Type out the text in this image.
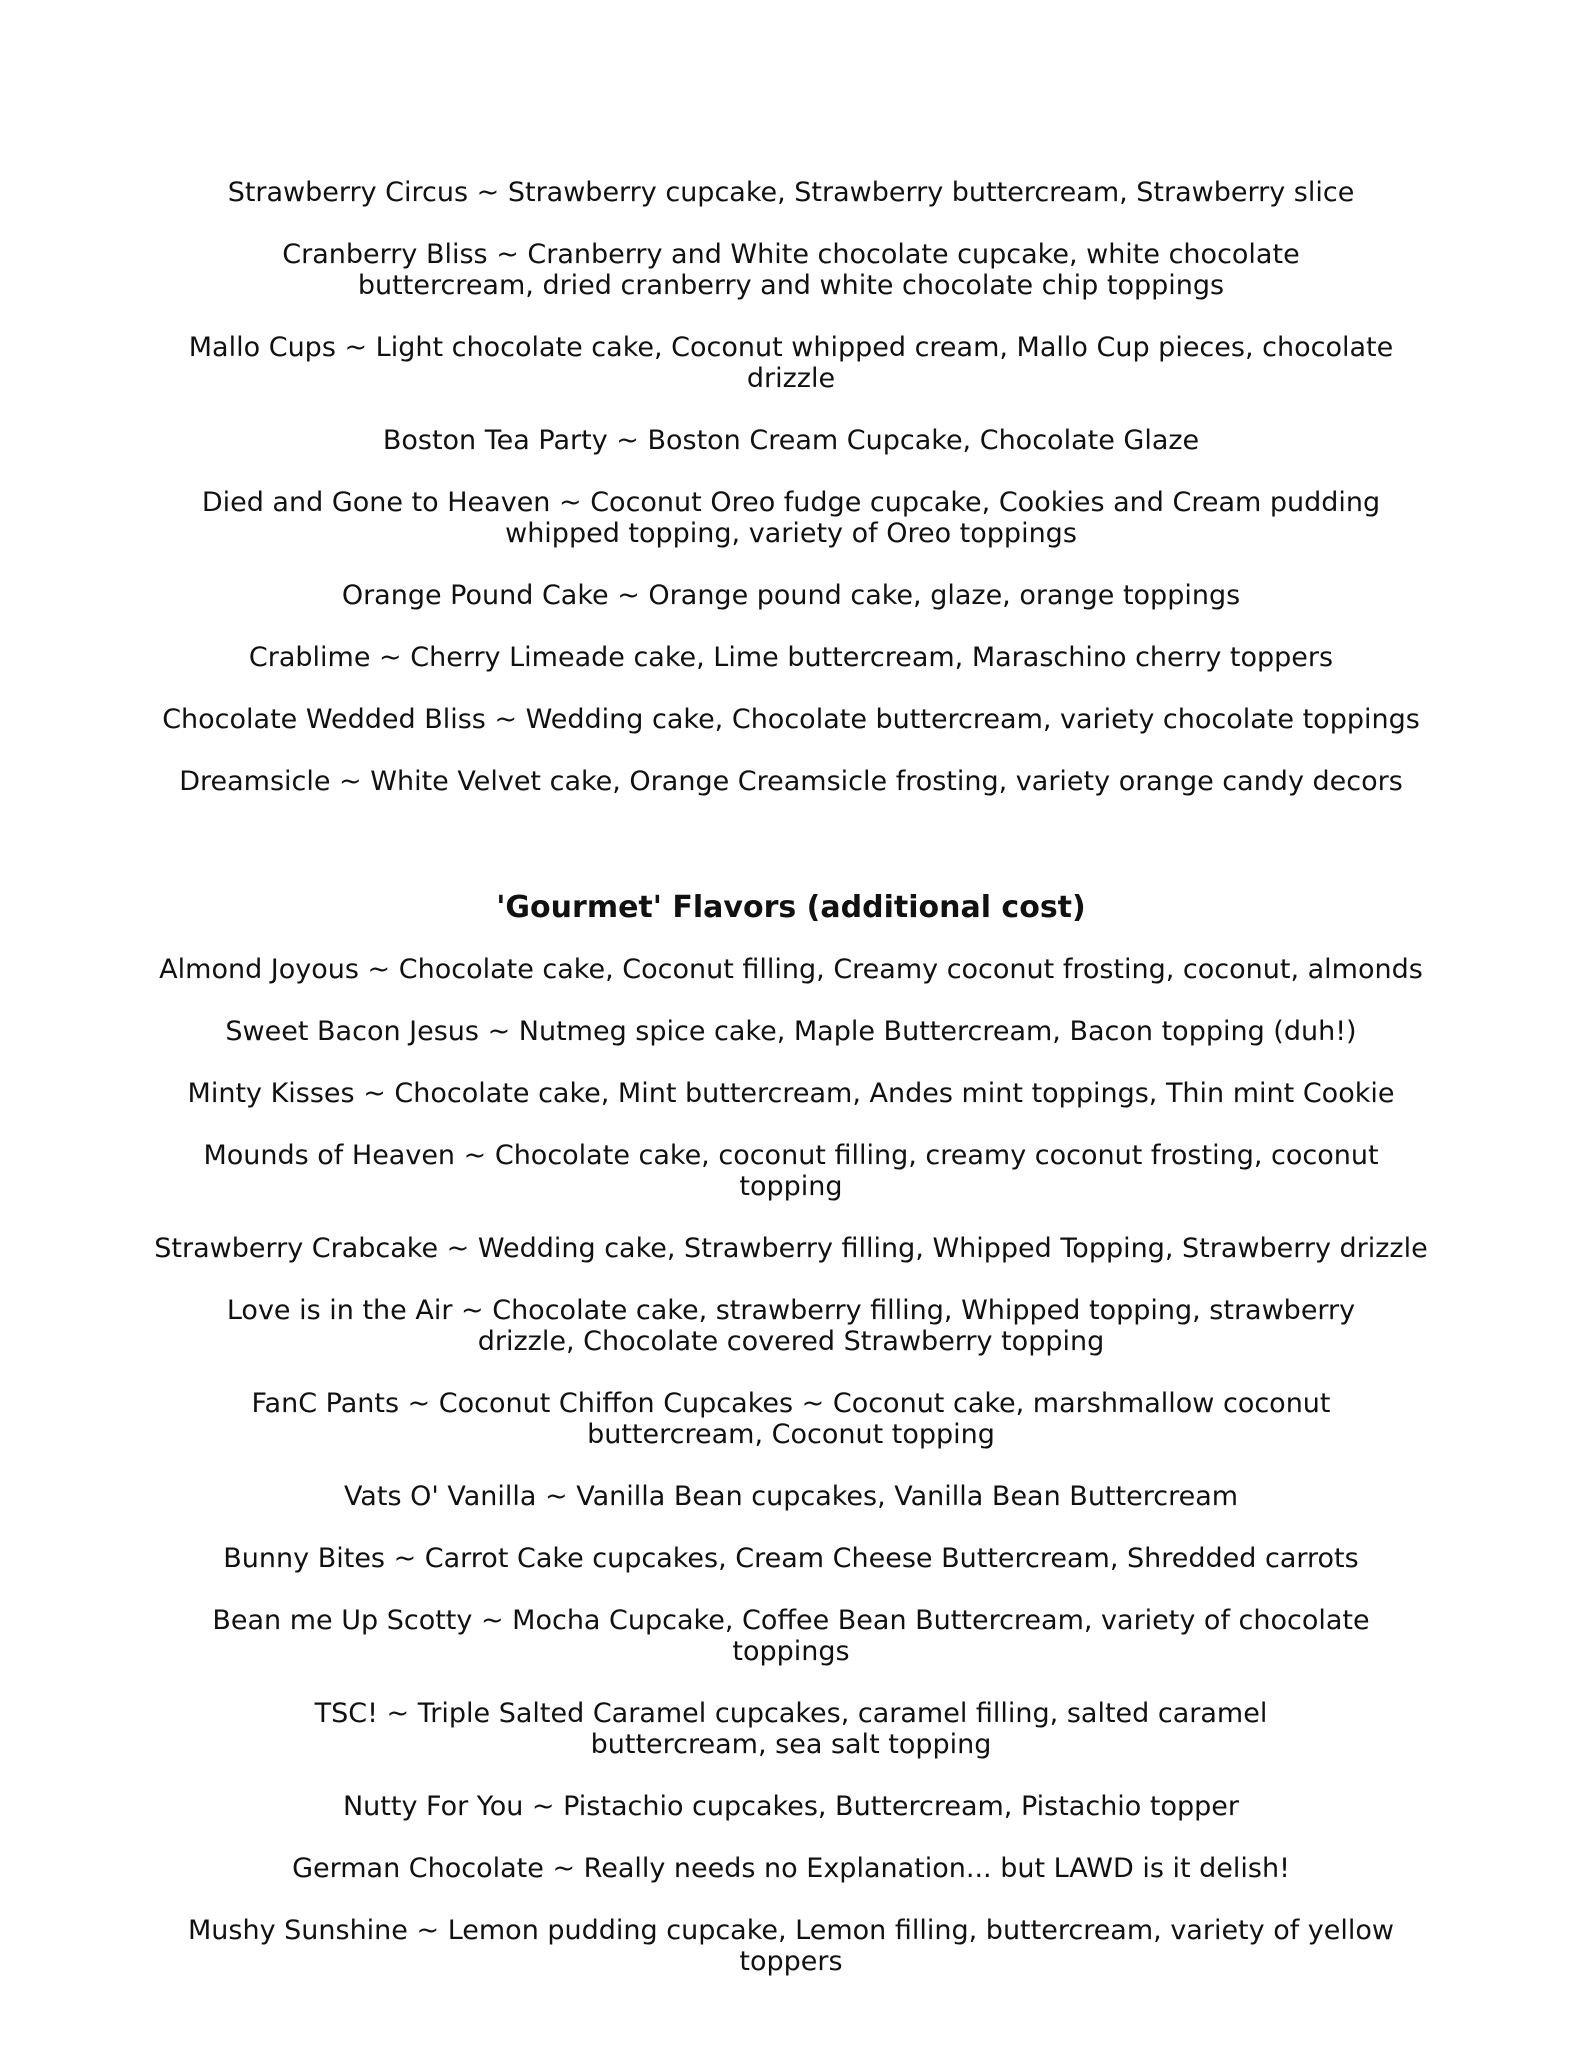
Strawberry Circus ~ Strawberry cupcake, Strawberry buttercream, Strawberry slice

Cranberry Bliss ~ Cranberry and White chocolate cupcake, white chocolate buttercream, dried cranberry and white chocolate chip toppings

Mallo Cups ~ Light chocolate cake, Coconut whipped cream, Mallo Cup pieces, chocolate drizzle

Boston Tea Party ~ Boston Cream Cupcake, Chocolate Glaze

Died and Gone to Heaven ~ Coconut Oreo fudge cupcake, Cookies and Cream pudding whipped topping, variety of Oreo toppings

Orange Pound Cake ~ Orange pound cake, glaze, orange toppings

Crablime ~ Cherry Limeade cake, Lime buttercream, Maraschino cherry toppers

Chocolate Wedded Bliss ~ Wedding cake, Chocolate buttercream, variety chocolate toppings

Dreamsicle ~ White Velvet cake, Orange Creamsicle frosting, variety orange candy decors

'Gourmet' Flavors (additional cost)

Almond Joyous ~ Chocolate cake, Coconut filling, Creamy coconut frosting, coconut, almonds

Sweet Bacon Jesus ~ Nutmeg spice cake, Maple Buttercream, Bacon topping (duh!)

Minty Kisses ~ Chocolate cake, Mint buttercream, Andes mint toppings, Thin mint Cookie

Mounds of Heaven ~ Chocolate cake, coconut filling, creamy coconut frosting, coconut topping

Strawberry Crabcake ~ Wedding cake, Strawberry filling, Whipped Topping, Strawberry drizzle

Love is in the Air ~ Chocolate cake, strawberry filling, Whipped topping, strawberry drizzle, Chocolate covered Strawberry topping

FanC Pants ~ Coconut Chiffon Cupcakes ~ Coconut cake, marshmallow coconut buttercream, Coconut topping

Vats O' Vanilla ~ Vanilla Bean cupcakes, Vanilla Bean Buttercream

Bunny Bites ~ Carrot Cake cupcakes, Cream Cheese Buttercream, Shredded carrots

Bean me Up Scotty ~ Mocha Cupcake, Coffee Bean Buttercream, variety of chocolate toppings

TSC! ~ Triple Salted Caramel cupcakes, caramel filling, salted caramel buttercream, sea salt topping

Nutty For You ~ Pistachio cupcakes, Buttercream, Pistachio topper

German Chocolate ~ Really needs no Explanation... but LAWD is it delish!

Mushy Sunshine ~ Lemon pudding cupcake, Lemon filling, buttercream, variety of yellow toppers
